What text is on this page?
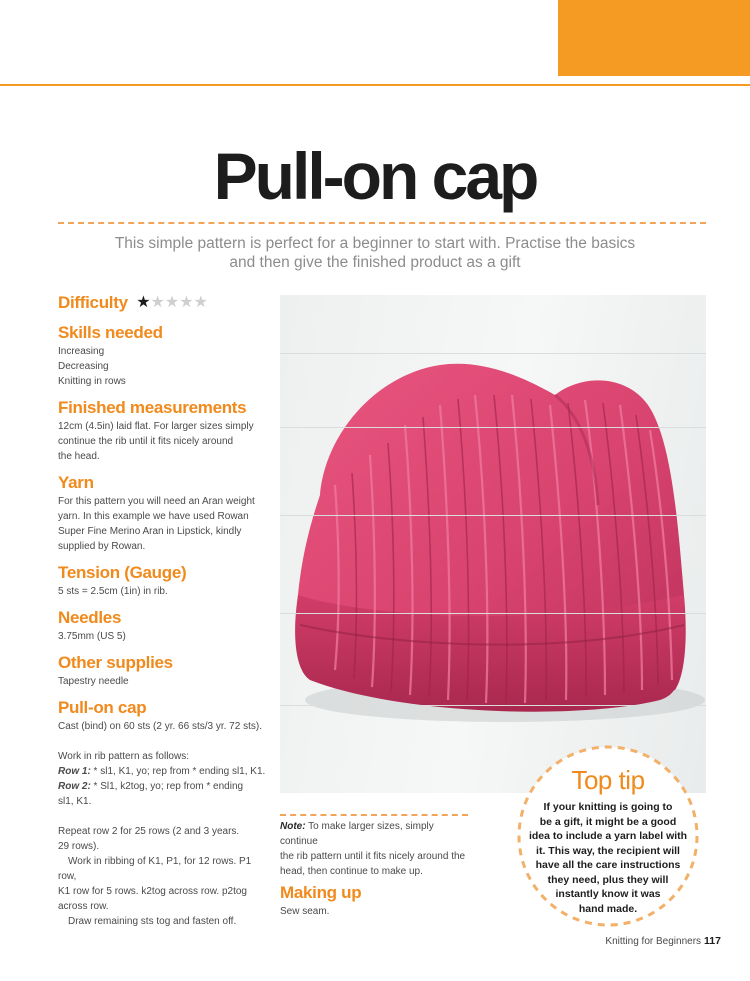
Pull-on cap
This simple pattern is perfect for a beginner to start with. Practise the basics
and then give the finished product as a gift
Difficulty ★★★★★
Skills needed
Increasing
Decreasing
Knitting in rows
Finished measurements
12cm (4.5in) laid flat. For larger sizes simply
continue the rib until it fits nicely around
the head.
Yarn
For this pattern you will need an Aran weight
yarn. In this example we have used Rowan
Super Fine Merino Aran in Lipstick, kindly
supplied by Rowan.
Tension (Gauge)
5 sts = 2.5cm (1in) in rib.
Needles
3.75mm (US 5)
Other supplies
Tapestry needle
Pull-on cap
Cast (bind) on 60 sts (2 yr. 66 sts/3 yr. 72 sts).
Work in rib pattern as follows:
Row 1: * sl1, K1, yo; rep from * ending sl1, K1.
Row 2: * Sl1, k2tog, yo; rep from * ending
sl1, K1.
Repeat row 2 for 25 rows (2 and 3 years.
29 rows).
Work in ribbing of K1, P1, for 12 rows. P1 row,
K1 row for 5 rows. k2tog across row. p2tog
across row.
Draw remaining sts tog and fasten off.
Note: To make larger sizes, simply continue
the rib pattern until it fits nicely around the
head, then continue to make up.
Making up
Sew seam.
Top tip
If your knitting is going to
be a gift, it might be a good
idea to include a yarn label with
it. This way, the recipient will
have all the care instructions
they need, plus they will
instantly know it was
hand made.
Knitting for Beginners 117
